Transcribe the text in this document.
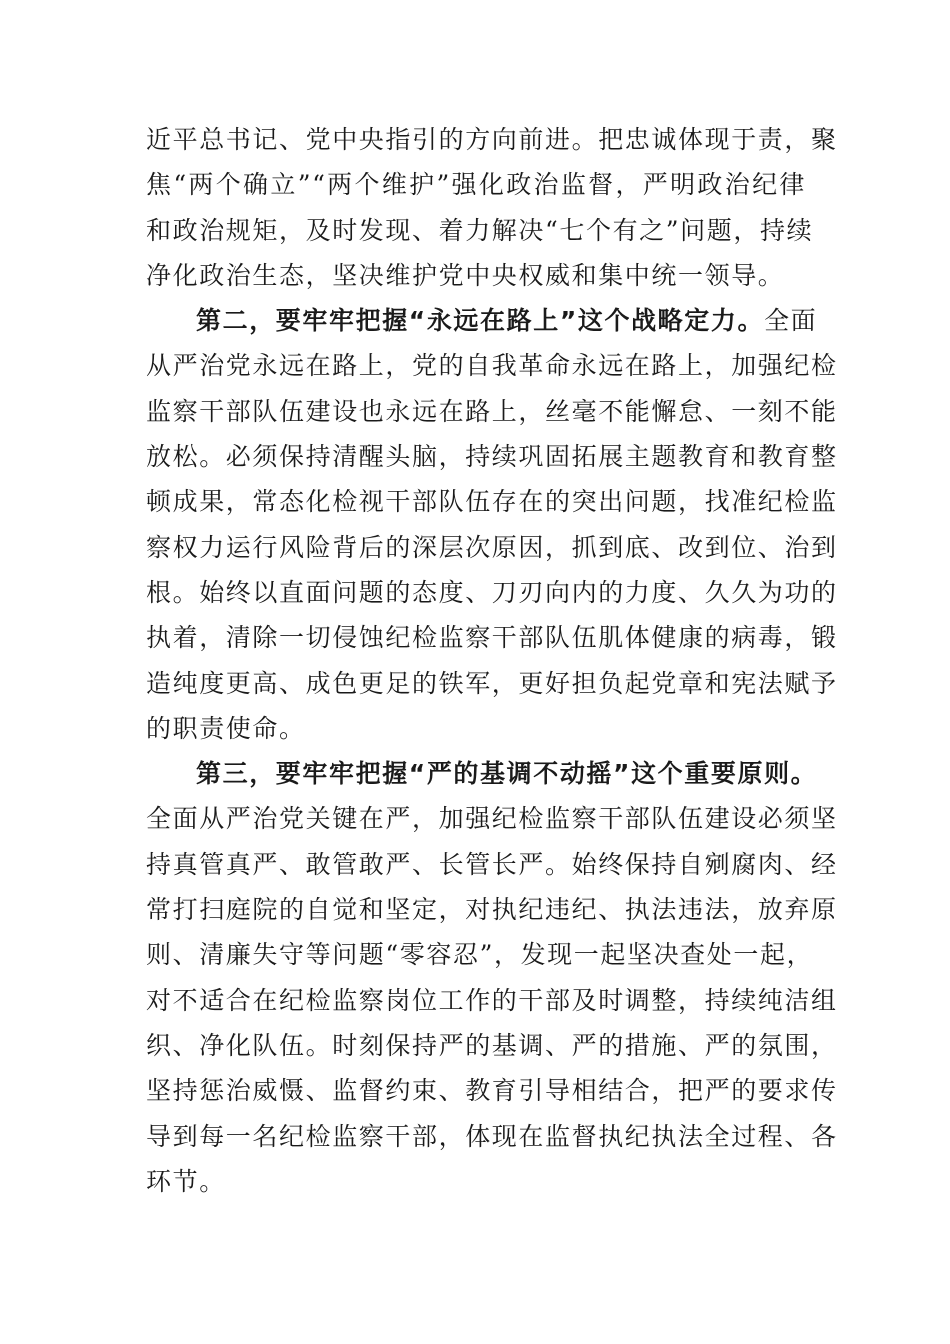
近平总书记、党中央指引的方向前进。把忠诚体现于责，聚
焦“两个确立”“两个维护”强化政治监督，严明政治纪律
和政治规矩，及时发现、着力解决“七个有之”问题，持续
净化政治生态，坚决维护党中央权威和集中统一领导。
第二，要牢牢把握“永远在路上”这个战略定力。全面
从严治党永远在路上，党的自我革命永远在路上，加强纪检
监察干部队伍建设也永远在路上，丝毫不能懈怠、一刻不能
放松。必须保持清醒头脑，持续巩固拓展主题教育和教育整
顿成果，常态化检视干部队伍存在的突出问题，找准纪检监
察权力运行风险背后的深层次原因，抓到底、改到位、治到
根。始终以直面问题的态度、刀刃向内的力度、久久为功的
执着，清除一切侵蚀纪检监察干部队伍肌体健康的病毒，锻
造纯度更高、成色更足的铁军，更好担负起党章和宪法赋予
的职责使命。
第三，要牢牢把握“严的基调不动摇”这个重要原则。
全面从严治党关键在严，加强纪检监察干部队伍建设必须坚
持真管真严、敢管敢严、长管长严。始终保持自剜腐肉、经
常打扫庭院的自觉和坚定，对执纪违纪、执法违法，放弃原
则、清廉失守等问题“零容忍”，发现一起坚决查处一起，
对不适合在纪检监察岗位工作的干部及时调整，持续纯洁组
织、净化队伍。时刻保持严的基调、严的措施、严的氛围，
坚持惩治威慑、监督约束、教育引导相结合，把严的要求传
导到每一名纪检监察干部，体现在监督执纪执法全过程、各
环节。
